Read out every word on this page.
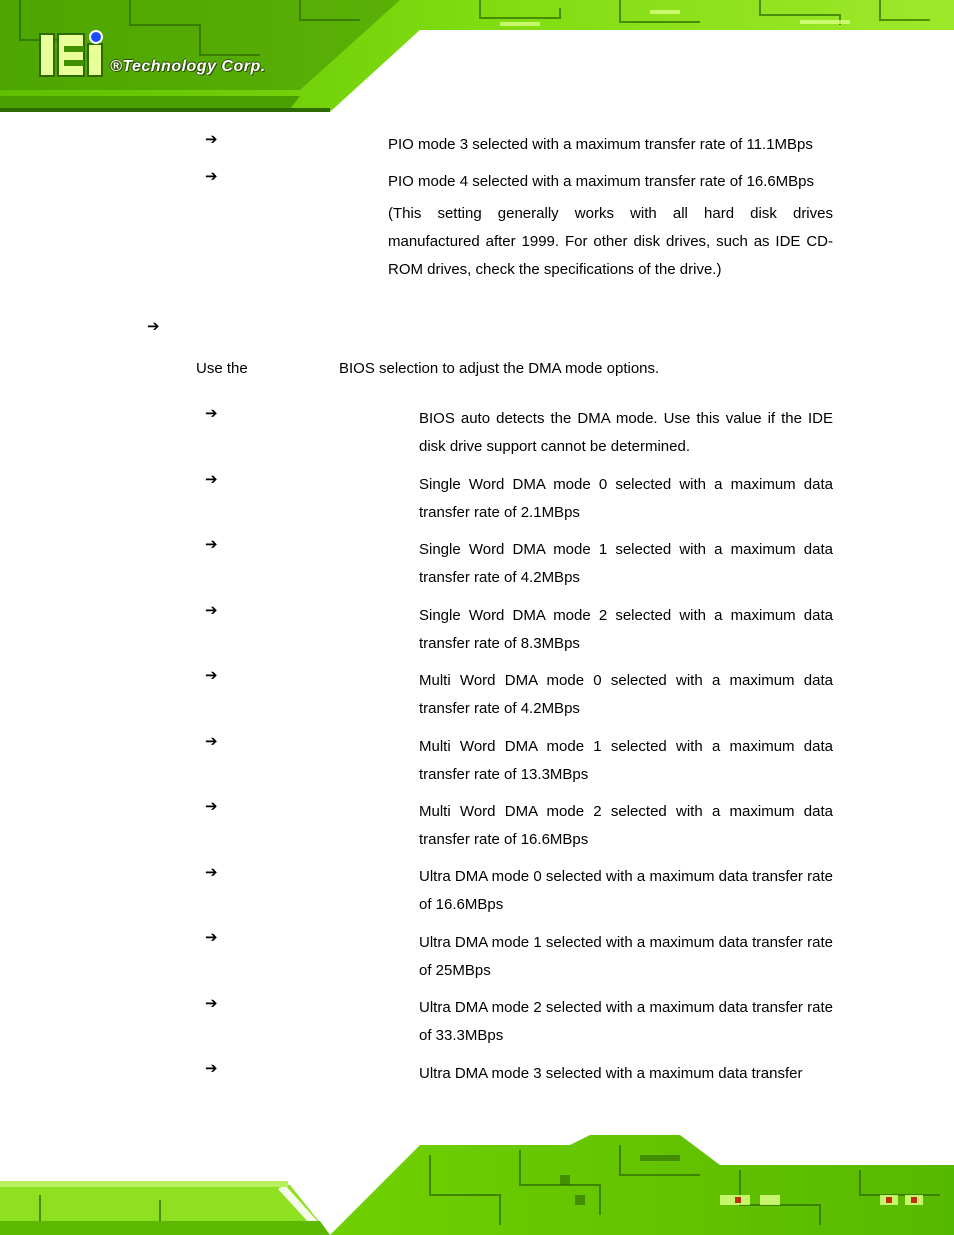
®Technology Corp.
➔	PIO mode 3 selected with a maximum transfer rate of 11.1MBps
➔	PIO mode 4 selected with a maximum transfer rate of 16.6MBps
(This setting generally works with all hard disk drives manufactured after 1999. For other disk drives, such as IDE CD-ROM drives, check the specifications of the drive.)
➔
Use the	BIOS selection to adjust the DMA mode options.
➔	BIOS auto detects the DMA mode. Use this value if the IDE disk drive support cannot be determined.
➔	Single Word DMA mode 0 selected with a maximum data transfer rate of 2.1MBps
➔	Single Word DMA mode 1 selected with a maximum data transfer rate of 4.2MBps
➔	Single Word DMA mode 2 selected with a maximum data transfer rate of 8.3MBps
➔	Multi Word DMA mode 0 selected with a maximum data transfer rate of 4.2MBps
➔	Multi Word DMA mode 1 selected with a maximum data transfer rate of 13.3MBps
➔	Multi Word DMA mode 2 selected with a maximum data transfer rate of 16.6MBps
➔	Ultra DMA mode 0 selected with a maximum data transfer rate of 16.6MBps
➔	Ultra DMA mode 1 selected with a maximum data transfer rate of 25MBps
➔	Ultra DMA mode 2 selected with a maximum data transfer rate of 33.3MBps
➔	Ultra DMA mode 3 selected with a maximum data transfer
